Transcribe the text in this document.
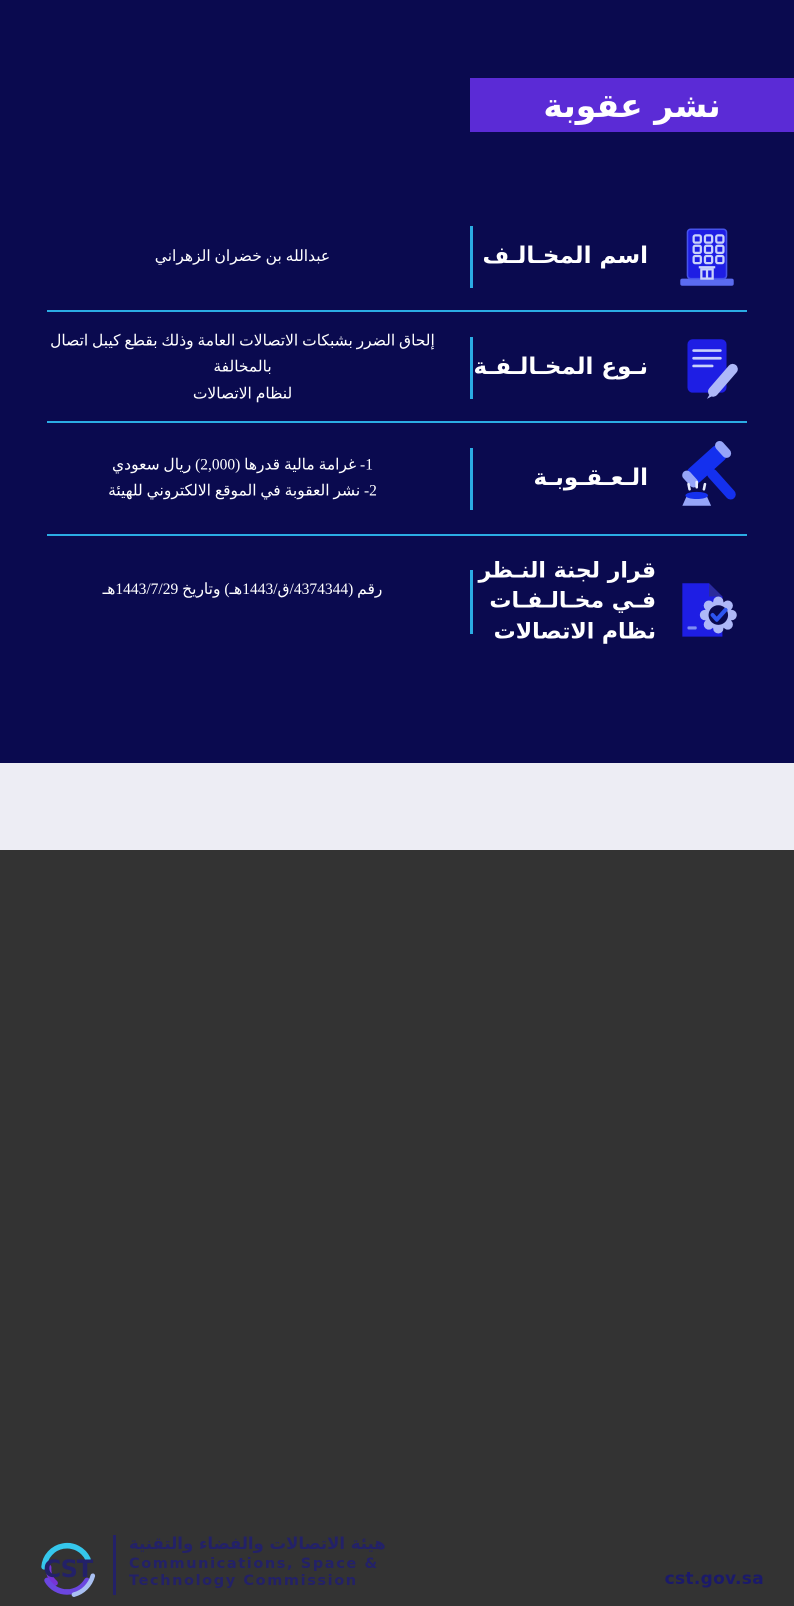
نشر عقوبة
اسم المخـالـف
عبدالله بن خضران الزهراني
نـوع المخـالـفـة
إلحاق الضرر بشبكات الاتصالات العامة وذلك بقطع كيبل اتصال بالمخالفة
لنظام الاتصالات
الـعـقـوبـة
1- غرامة مالية قدرها (2,000) ريال سعودي
2- نشر العقوبة في الموقع الالكتروني للهيئة
قرار لجنة النـظر
فـي مخـالـفـات
نظام الاتصالات
رقم (4374344/ق/1443هـ) وتاريخ 1443/7/29هـ
CST
هيئة الاتصالات والفضاء والتقنية
Communications, Space &
Technology Commission	cst.gov.sa
